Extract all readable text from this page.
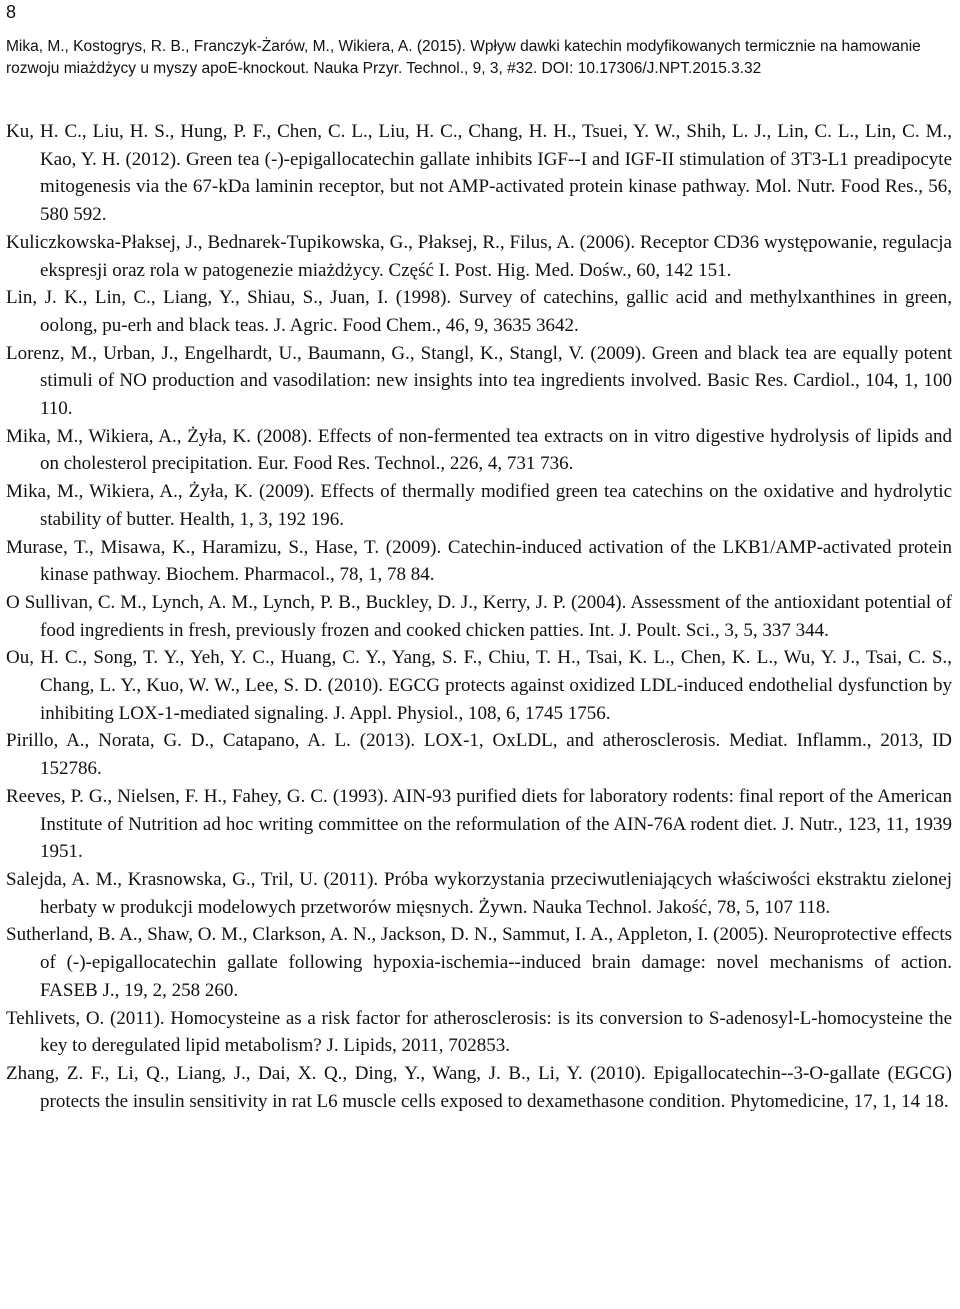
8
Mika, M., Kostogrys, R. B., Franczyk-Żarów, M., Wikiera, A. (2015). Wpływ dawki katechin modyfikowanych termicznie na hamowanie rozwoju miażdżycy u myszy apoE-knockout. Nauka Przyr. Technol., 9, 3, #32. DOI: 10.17306/J.NPT.2015.3.32
Ku, H. C., Liu, H. S., Hung, P. F., Chen, C. L., Liu, H. C., Chang, H. H., Tsuei, Y. W., Shih, L. J., Lin, C. L., Lin, C. M., Kao, Y. H. (2012). Green tea (-)-epigallocatechin gallate inhibits IGF--I and IGF-II stimulation of 3T3-L1 preadipocyte mitogenesis via the 67-kDa laminin receptor, but not AMP-activated protein kinase pathway. Mol. Nutr. Food Res., 56, 580 592.
Kuliczkowska-Płaksej, J., Bednarek-Tupikowska, G., Płaksej, R., Filus, A. (2006). Receptor CD36 występowanie, regulacja ekspresji oraz rola w patogenezie miażdżycy. Część I. Post. Hig. Med. Dośw., 60, 142 151.
Lin, J. K., Lin, C., Liang, Y., Shiau, S., Juan, I. (1998). Survey of catechins, gallic acid and methylxanthines in green, oolong, pu-erh and black teas. J. Agric. Food Chem., 46, 9, 3635 3642.
Lorenz, M., Urban, J., Engelhardt, U., Baumann, G., Stangl, K., Stangl, V. (2009). Green and black tea are equally potent stimuli of NO production and vasodilation: new insights into tea ingredients involved. Basic Res. Cardiol., 104, 1, 100 110.
Mika, M., Wikiera, A., Żyła, K. (2008). Effects of non-fermented tea extracts on in vitro digestive hydrolysis of lipids and on cholesterol precipitation. Eur. Food Res. Technol., 226, 4, 731 736.
Mika, M., Wikiera, A., Żyła, K. (2009). Effects of thermally modified green tea catechins on the oxidative and hydrolytic stability of butter. Health, 1, 3, 192 196.
Murase, T., Misawa, K., Haramizu, S., Hase, T. (2009). Catechin-induced activation of the LKB1/AMP-activated protein kinase pathway. Biochem. Pharmacol., 78, 1, 78 84.
O Sullivan, C. M., Lynch, A. M., Lynch, P. B., Buckley, D. J., Kerry, J. P. (2004). Assessment of the antioxidant potential of food ingredients in fresh, previously frozen and cooked chicken patties. Int. J. Poult. Sci., 3, 5, 337 344.
Ou, H. C., Song, T. Y., Yeh, Y. C., Huang, C. Y., Yang, S. F., Chiu, T. H., Tsai, K. L., Chen, K. L., Wu, Y. J., Tsai, C. S., Chang, L. Y., Kuo, W. W., Lee, S. D. (2010). EGCG protects against oxidized LDL-induced endothelial dysfunction by inhibiting LOX-1-mediated signaling. J. Appl. Physiol., 108, 6, 1745 1756.
Pirillo, A., Norata, G. D., Catapano, A. L. (2013). LOX-1, OxLDL, and atherosclerosis. Mediat. Inflamm., 2013, ID 152786.
Reeves, P. G., Nielsen, F. H., Fahey, G. C. (1993). AIN-93 purified diets for laboratory rodents: final report of the American Institute of Nutrition ad hoc writing committee on the reformulation of the AIN-76A rodent diet. J. Nutr., 123, 11, 1939 1951.
Salejda, A. M., Krasnowska, G., Tril, U. (2011). Próba wykorzystania przeciwutleniających właściwości ekstraktu zielonej herbaty w produkcji modelowych przetworów mięsnych. Żywn. Nauka Technol. Jakość, 78, 5, 107 118.
Sutherland, B. A., Shaw, O. M., Clarkson, A. N., Jackson, D. N., Sammut, I. A., Appleton, I. (2005). Neuroprotective effects of (-)-epigallocatechin gallate following hypoxia-ischemia--induced brain damage: novel mechanisms of action. FASEB J., 19, 2, 258 260.
Tehlivets, O. (2011). Homocysteine as a risk factor for atherosclerosis: is its conversion to S-adenosyl-L-homocysteine the key to deregulated lipid metabolism? J. Lipids, 2011, 702853.
Zhang, Z. F., Li, Q., Liang, J., Dai, X. Q., Ding, Y., Wang, J. B., Li, Y. (2010). Epigallocatechin--3-O-gallate (EGCG) protects the insulin sensitivity in rat L6 muscle cells exposed to dexamethasone condition. Phytomedicine, 17, 1, 14 18.
